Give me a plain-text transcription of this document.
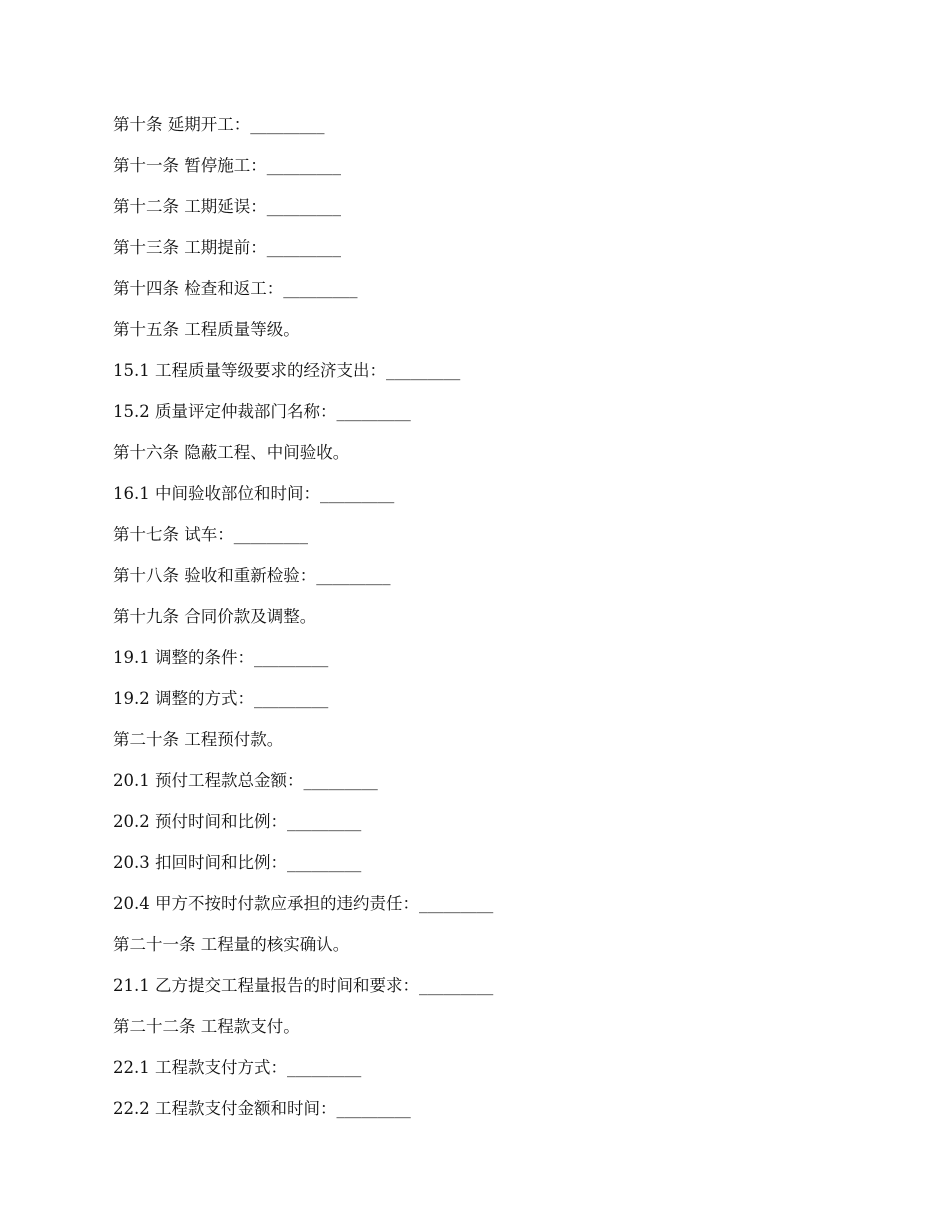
第十条 延期开工：_________
第十一条 暂停施工：_________
第十二条 工期延误：_________
第十三条 工期提前：_________
第十四条 检查和返工：_________
第十五条 工程质量等级。
15.1 工程质量等级要求的经济支出：_________
15.2 质量评定仲裁部门名称：_________
第十六条 隐蔽工程、中间验收。
16.1 中间验收部位和时间：_________
第十七条 试车：_________
第十八条 验收和重新检验：_________
第十九条 合同价款及调整。
19.1 调整的条件：_________
19.2 调整的方式：_________
第二十条 工程预付款。
20.1 预付工程款总金额：_________
20.2 预付时间和比例：_________
20.3 扣回时间和比例：_________
20.4 甲方不按时付款应承担的违约责任：_________
第二十一条 工程量的核实确认。
21.1 乙方提交工程量报告的时间和要求：_________
第二十二条 工程款支付。
22.1 工程款支付方式：_________
22.2 工程款支付金额和时间：_________
